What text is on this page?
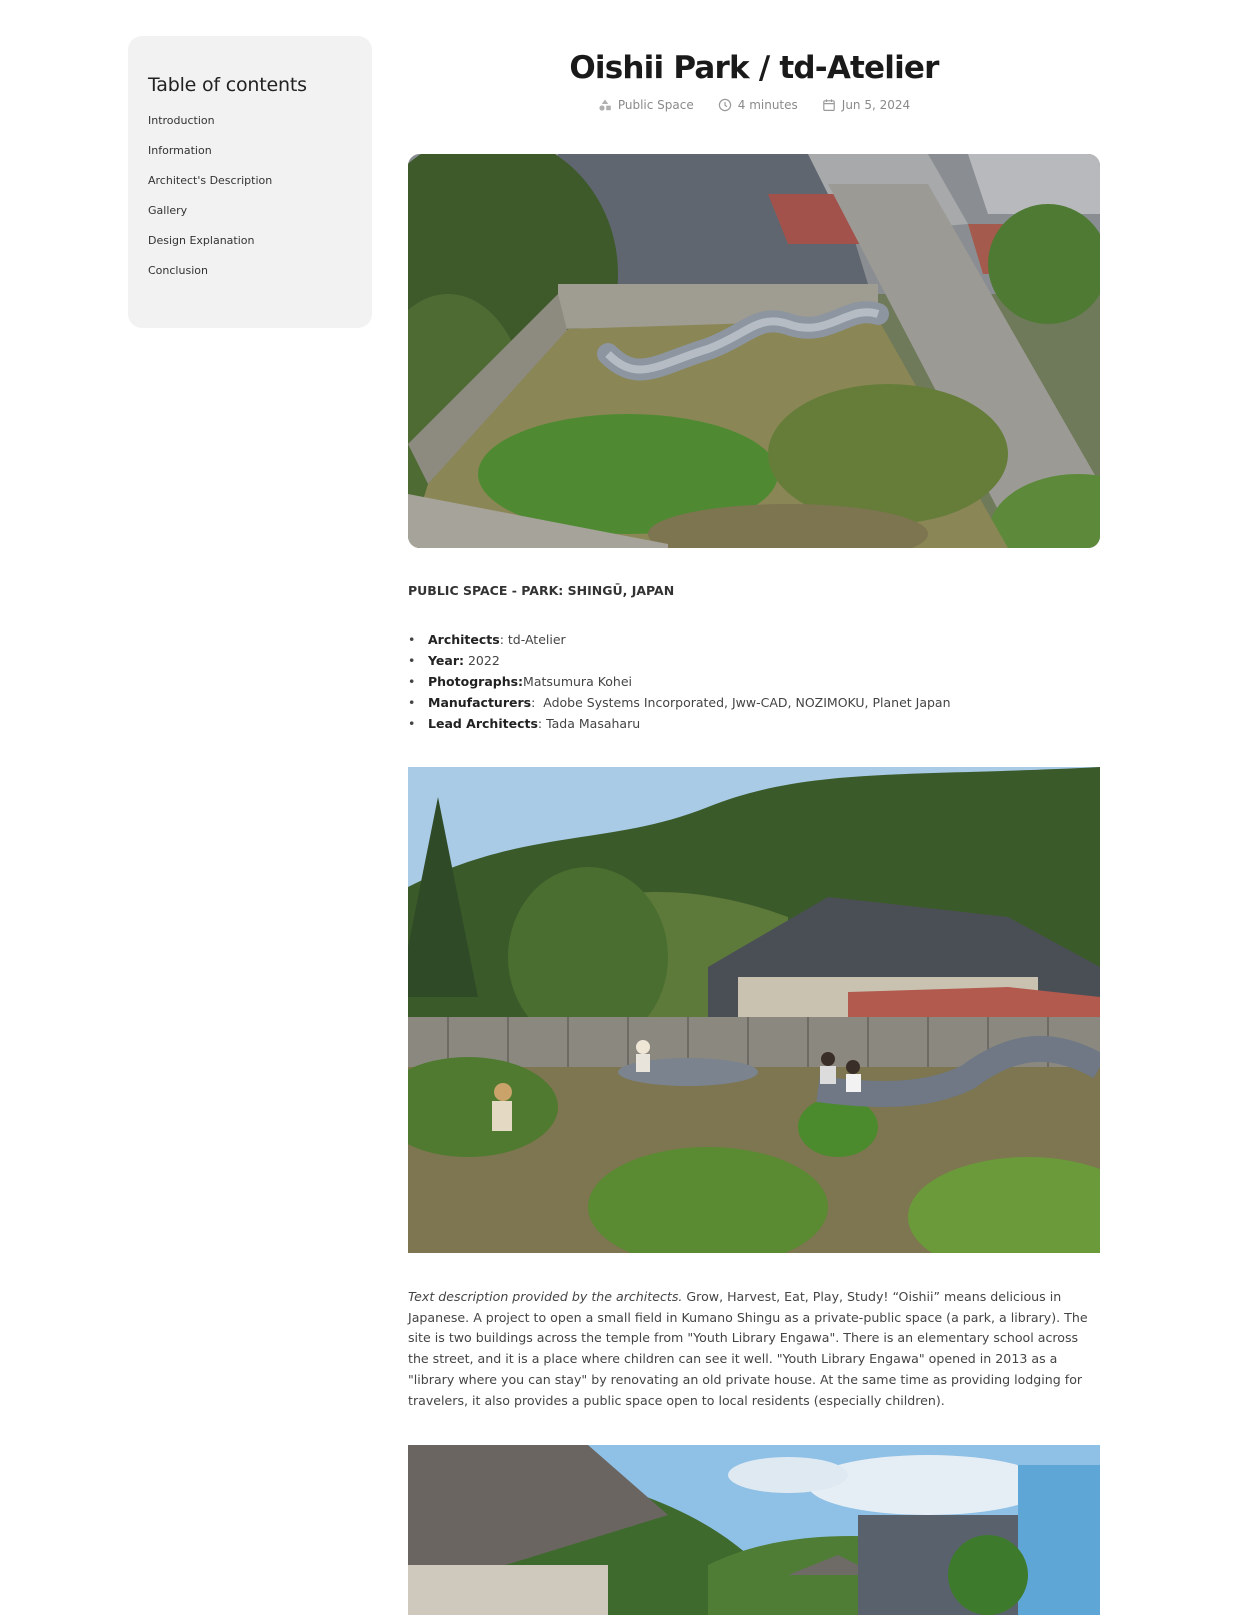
Table of contents
Introduction
Information
Architect's Description
Gallery
Design Explanation
Conclusion
Oishii Park / td-Atelier
Public Space	4 minutes	Jun 5, 2024
PUBLIC SPACE - PARK: SHINGŪ, JAPAN
• Architects: td-Atelier
• Year: 2022
• Photographs:Matsumura Kohei
• Manufacturers:  Adobe Systems Incorporated, Jww-CAD, NOZIMOKU, Planet Japan
• Lead Architects: Tada Masaharu

Text description provided by the architects. Grow, Harvest, Eat, Play, Study! “Oishii” means delicious in Japanese. A project to open a small field in Kumano Shingu as a private-public space (a park, a library). The site is two buildings across the temple from "Youth Library Engawa". There is an elementary school across the street, and it is a place where children can see it well. "Youth Library Engawa" opened in 2013 as a "library where you can stay" by renovating an old private house. At the same time as providing lodging for travelers, it also provides a public space open to local residents (especially children).
